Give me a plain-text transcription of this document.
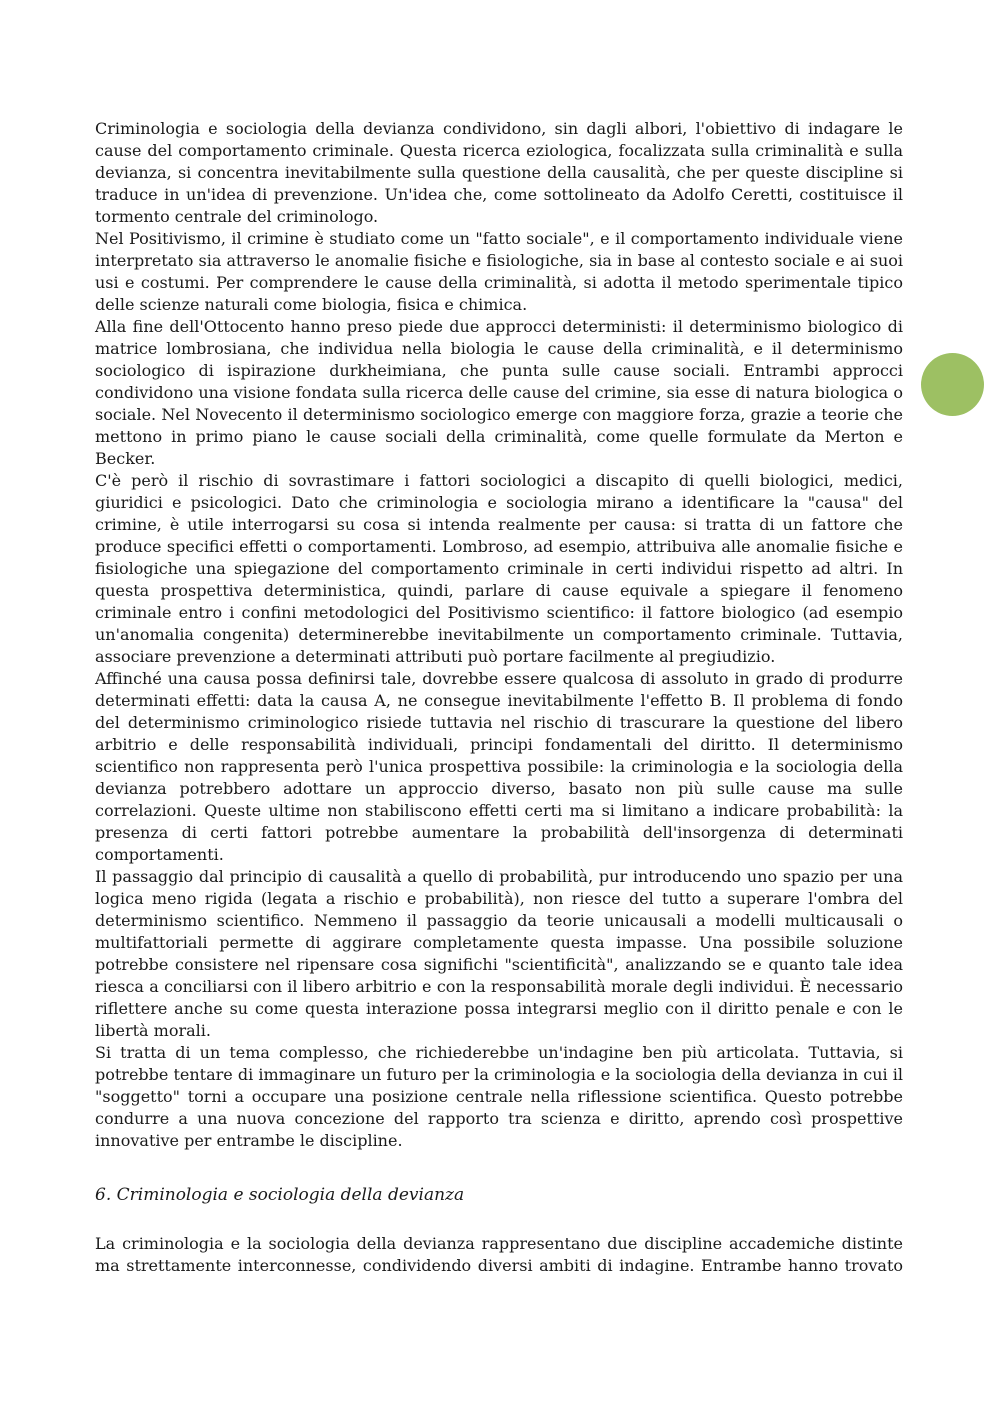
Criminologia e sociologia della devianza condividono, sin dagli albori, l'obiettivo di indagare le cause del comportamento criminale. Questa ricerca eziologica, focalizzata sulla criminalità e sulla devianza, si concentra inevitabilmente sulla questione della causalità, che per queste discipline si traduce in un'idea di prevenzione. Un'idea che, come sottolineato da Adolfo Ceretti, costituisce il tormento centrale del criminologo.

Nel Positivismo, il crimine è studiato come un "fatto sociale", e il comportamento individuale viene interpretato sia attraverso le anomalie fisiche e fisiologiche, sia in base al contesto sociale e ai suoi usi e costumi. Per comprendere le cause della criminalità, si adotta il metodo sperimentale tipico delle scienze naturali come biologia, fisica e chimica.

Alla fine dell'Ottocento hanno preso piede due approcci deterministi: il determinismo biologico di matrice lombrosiana, che individua nella biologia le cause della criminalità, e il determinismo sociologico di ispirazione durkheimiana, che punta sulle cause sociali. Entrambi approcci condividono una visione fondata sulla ricerca delle cause del crimine, sia esse di natura biologica o sociale. Nel Novecento il determinismo sociologico emerge con maggiore forza, grazie a teorie che mettono in primo piano le cause sociali della criminalità, come quelle formulate da Merton e Becker.

C'è però il rischio di sovrastimare i fattori sociologici a discapito di quelli biologici, medici, giuridici e psicologici. Dato che criminologia e sociologia mirano a identificare la "causa" del crimine, è utile interrogarsi su cosa si intenda realmente per causa: si tratta di un fattore che produce specifici effetti o comportamenti. Lombroso, ad esempio, attribuiva alle anomalie fisiche e fisiologiche una spiegazione del comportamento criminale in certi individui rispetto ad altri. In questa prospettiva deterministica, quindi, parlare di cause equivale a spiegare il fenomeno criminale entro i confini metodologici del Positivismo scientifico: il fattore biologico (ad esempio un'anomalia congenita) determinerebbe inevitabilmente un comportamento criminale. Tuttavia, associare prevenzione a determinati attributi può portare facilmente al pregiudizio.

Affinché una causa possa definirsi tale, dovrebbe essere qualcosa di assoluto in grado di produrre determinati effetti: data la causa A, ne consegue inevitabilmente l'effetto B. Il problema di fondo del determinismo criminologico risiede tuttavia nel rischio di trascurare la questione del libero arbitrio e delle responsabilità individuali, principi fondamentali del diritto. Il determinismo scientifico non rappresenta però l'unica prospettiva possibile: la criminologia e la sociologia della devianza potrebbero adottare un approccio diverso, basato non più sulle cause ma sulle correlazioni. Queste ultime non stabiliscono effetti certi ma si limitano a indicare probabilità: la presenza di certi fattori potrebbe aumentare la probabilità dell'insorgenza di determinati comportamenti.

Il passaggio dal principio di causalità a quello di probabilità, pur introducendo uno spazio per una logica meno rigida (legata a rischio e probabilità), non riesce del tutto a superare l'ombra del determinismo scientifico. Nemmeno il passaggio da teorie unicausali a modelli multicausali o multifattoriali permette di aggirare completamente questa impasse. Una possibile soluzione potrebbe consistere nel ripensare cosa significhi "scientificità", analizzando se e quanto tale idea riesca a conciliarsi con il libero arbitrio e con la responsabilità morale degli individui. È necessario riflettere anche su come questa interazione possa integrarsi meglio con il diritto penale e con le libertà morali.

Si tratta di un tema complesso, che richiederebbe un'indagine ben più articolata. Tuttavia, si potrebbe tentare di immaginare un futuro per la criminologia e la sociologia della devianza in cui il "soggetto" torni a occupare una posizione centrale nella riflessione scientifica. Questo potrebbe condurre a una nuova concezione del rapporto tra scienza e diritto, aprendo così prospettive innovative per entrambe le discipline.

6. Criminologia e sociologia della devianza

La criminologia e la sociologia della devianza rappresentano due discipline accademiche distinte ma strettamente interconnesse, condividendo diversi ambiti di indagine. Entrambe hanno trovato
